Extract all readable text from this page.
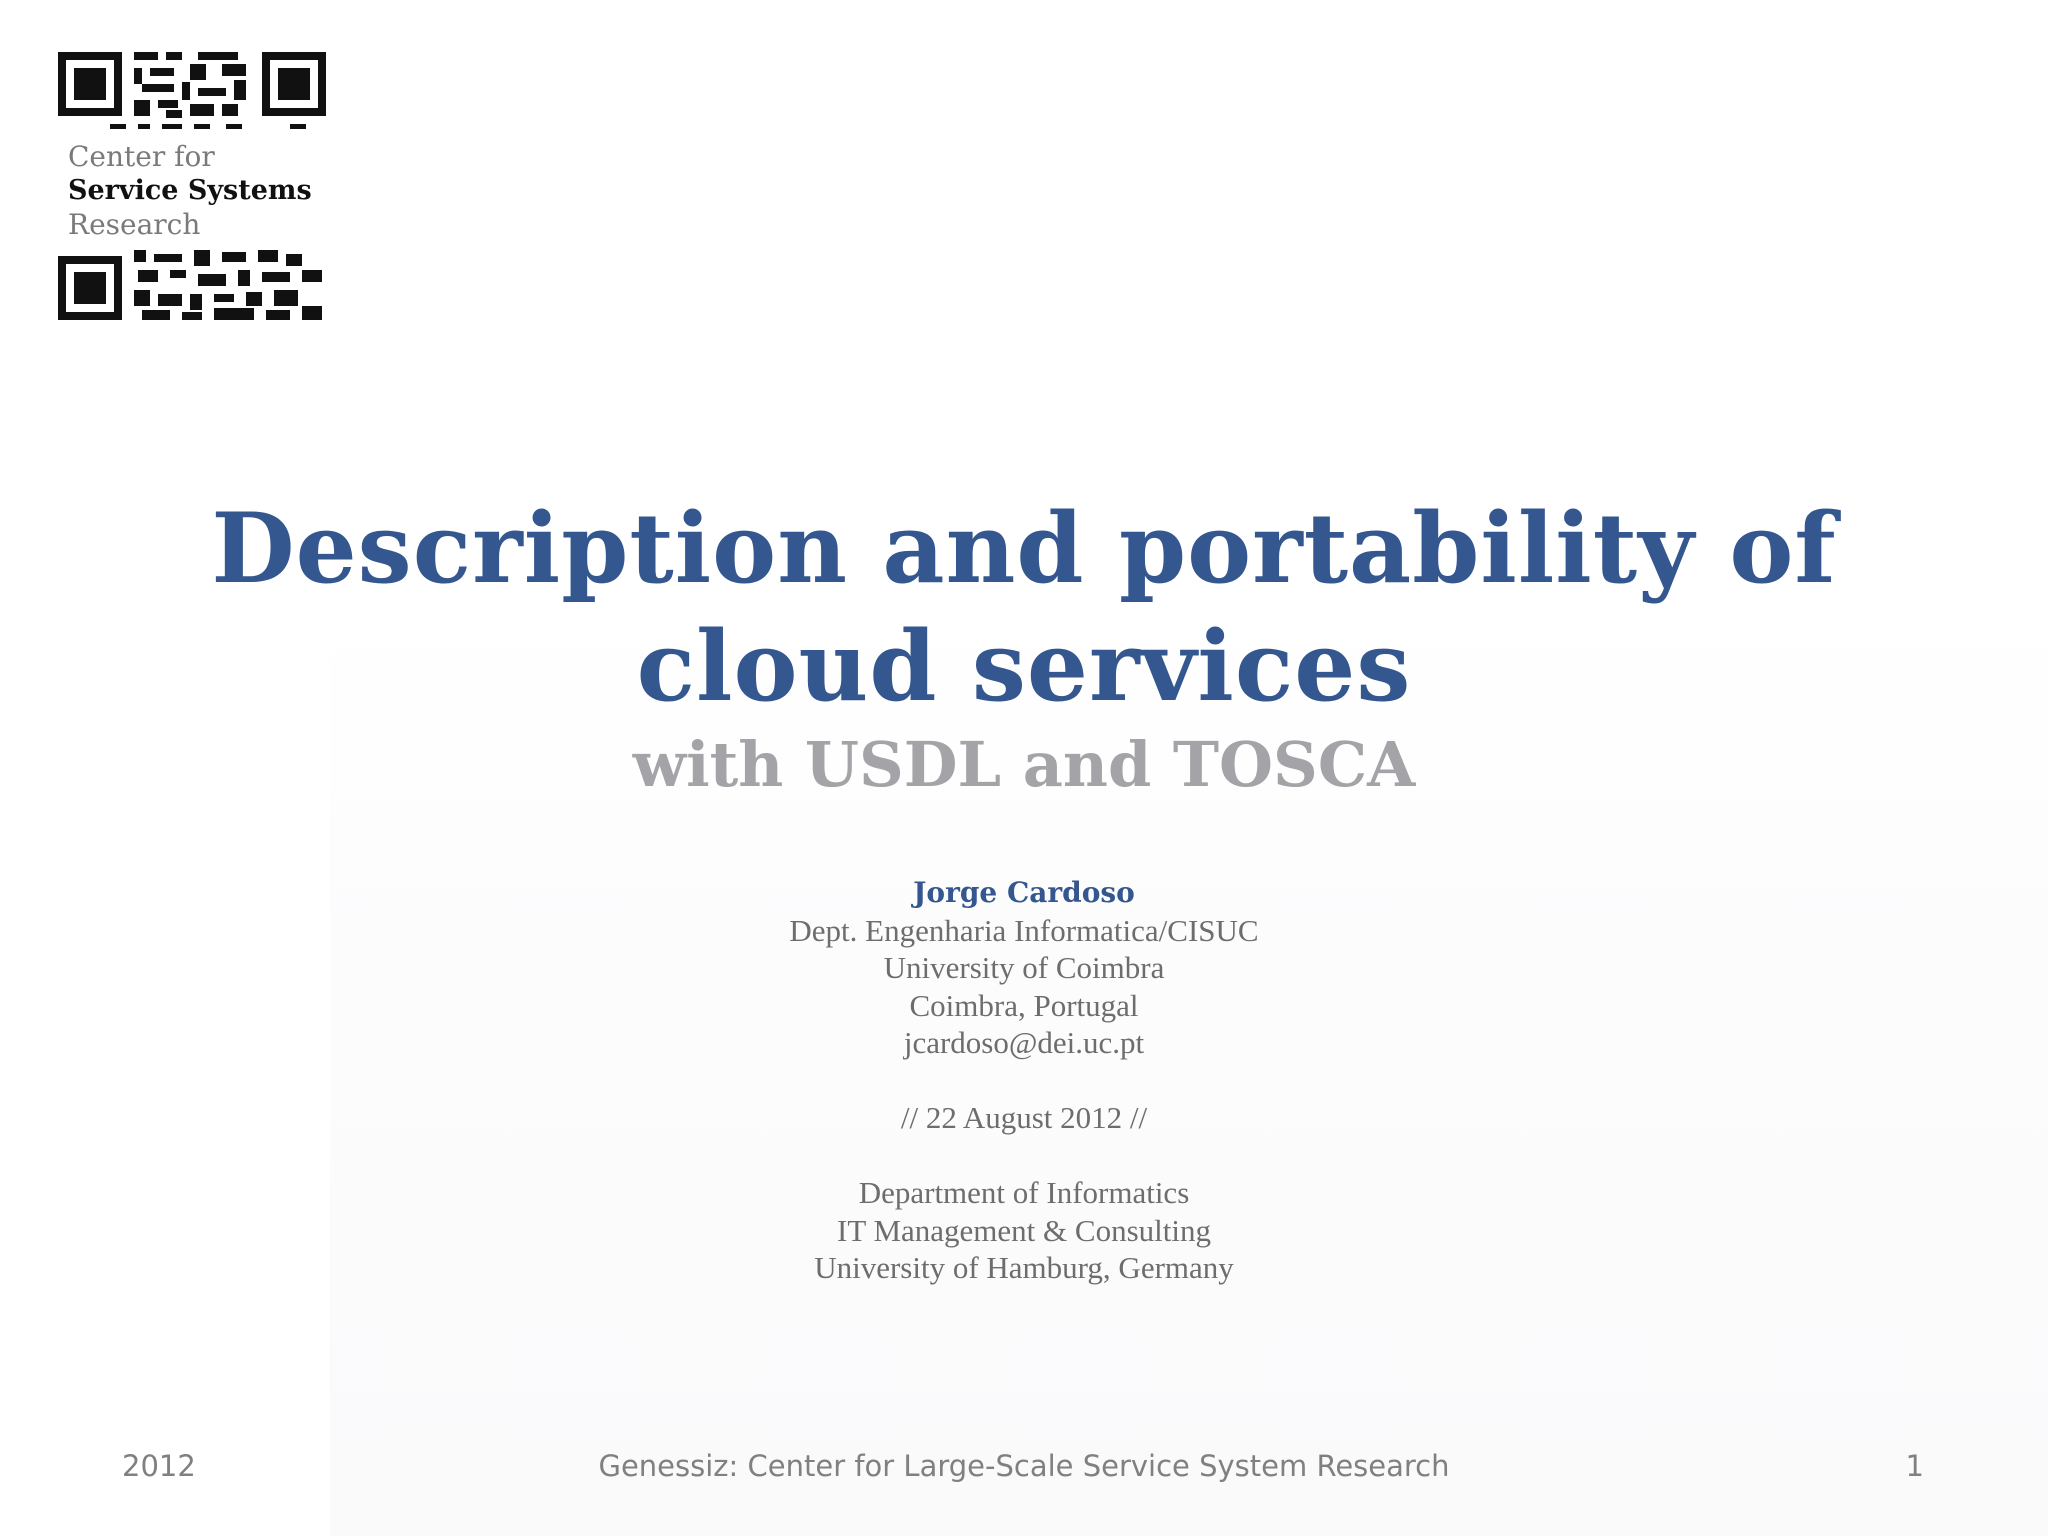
Center for
Service Systems
Research
Description and portability of
cloud services
with USDL and TOSCA
Jorge Cardoso
Dept. Engenharia Informatica/CISUC
University of Coimbra
Coimbra, Portugal
jcardoso@dei.uc.pt
// 22 August 2012 //
Department of Informatics
IT Management & Consulting
University of Hamburg, Germany
2012	Genessiz: Center for Large-Scale Service System Research	1
